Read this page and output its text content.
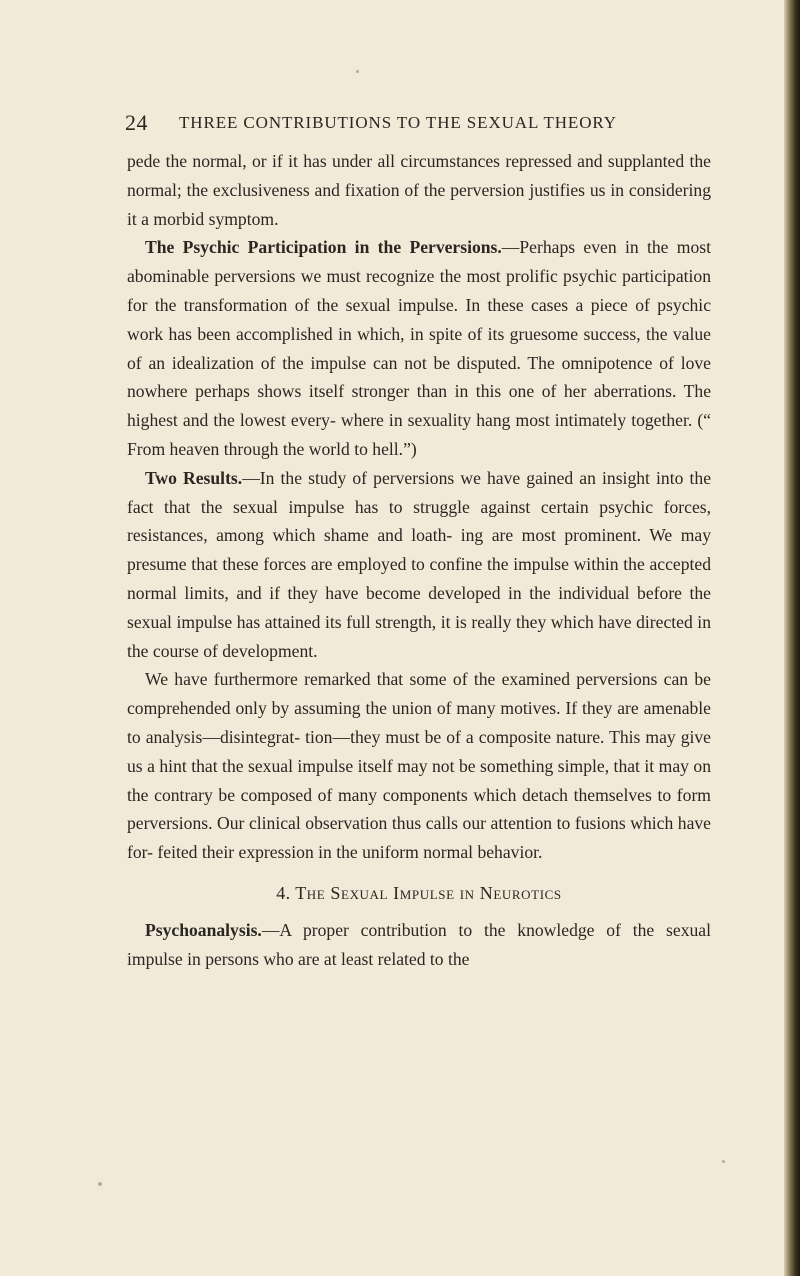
24 THREE CONTRIBUTIONS TO THE SEXUAL THEORY

pede the normal, or if it has under all circumstances repressed and supplanted the normal; the exclusiveness and fixation of the perversion justifies us in considering it a morbid symptom.

The Psychic Participation in the Perversions.—Perhaps even in the most abominable perversions we must recognize the most prolific psychic participation for the transformation of the sexual impulse. In these cases a piece of psychic work has been accomplished in which, in spite of its gruesome success, the value of an idealization of the impulse can not be disputed. The omnipotence of love nowhere perhaps shows itself stronger than in this one of her aberrations. The highest and the lowest every- where in sexuality hang most intimately together. (“ From heaven through the world to hell.”)

Two Results.—In the study of perversions we have gained an insight into the fact that the sexual impulse has to struggle against certain psychic forces, resistances, among which shame and loath- ing are most prominent. We may presume that these forces are employed to confine the impulse within the accepted normal limits, and if they have become developed in the individual before the sexual impulse has attained its full strength, it is really they which have directed in the course of development.

We have furthermore remarked that some of the examined perversions can be comprehended only by assuming the union of many motives. If they are amenable to analysis—disintegrat- tion—they must be of a composite nature. This may give us a hint that the sexual impulse itself may not be something simple, that it may on the contrary be composed of many components which detach themselves to form perversions. Our clinical observation thus calls our attention to fusions which have for- feited their expression in the uniform normal behavior.

4. The Sexual Impulse in Neurotics

Psychoanalysis.—A proper contribution to the knowledge of the sexual impulse in persons who are at least related to the
